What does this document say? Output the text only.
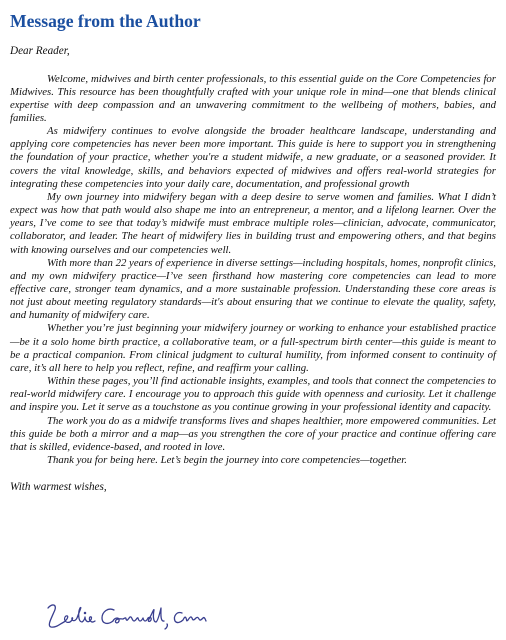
Message from the Author

Dear Reader,

Welcome, midwives and birth center professionals, to this essential guide on the Core Competencies for Midwives. This resource has been thoughtfully crafted with your unique role in mind—one that blends clinical expertise with deep compassion and an unwavering commitment to the wellbeing of mothers, babies, and families.

As midwifery continues to evolve alongside the broader healthcare landscape, understanding and applying core competencies has never been more important. This guide is here to support you in strengthening the foundation of your practice, whether you're a student midwife, a new graduate, or a seasoned provider. It covers the vital knowledge, skills, and behaviors expected of midwives and offers real-world strategies for integrating these competencies into your daily care, documentation, and professional growth

My own journey into midwifery began with a deep desire to serve women and families. What I didn’t expect was how that path would also shape me into an entrepreneur, a mentor, and a lifelong learner. Over the years, I’ve come to see that today’s midwife must embrace multiple roles—clinician, advocate, communicator, collaborator, and leader. The heart of midwifery lies in building trust and empowering others, and that begins with knowing ourselves and our competencies well.

With more than 22 years of experience in diverse settings—including hospitals, homes, nonprofit clinics, and my own midwifery practice—I’ve seen firsthand how mastering core competencies can lead to more effective care, stronger team dynamics, and a more sustainable profession. Understanding these core areas is not just about meeting regulatory standards—it's about ensuring that we continue to elevate the quality, safety, and humanity of midwifery care.

Whether you’re just beginning your midwifery journey or working to enhance your established practice—be it a solo home birth practice, a collaborative team, or a full-spectrum birth center—this guide is meant to be a practical companion. From clinical judgment to cultural humility, from informed consent to continuity of care, it’s all here to help you reflect, refine, and reaffirm your calling.

Within these pages, you’ll find actionable insights, examples, and tools that connect the competencies to real-world midwifery care. I encourage you to approach this guide with openness and curiosity. Let it challenge and inspire you. Let it serve as a touchstone as you continue growing in your professional identity and capacity.

The work you do as a midwife transforms lives and shapes healthier, more empowered communities. Let this guide be both a mirror and a map—as you strengthen the core of your practice and continue offering care that is skilled, evidence-based, and rooted in love.

Thank you for being here. Let’s begin the journey into core competencies—together.

With warmest wishes,
